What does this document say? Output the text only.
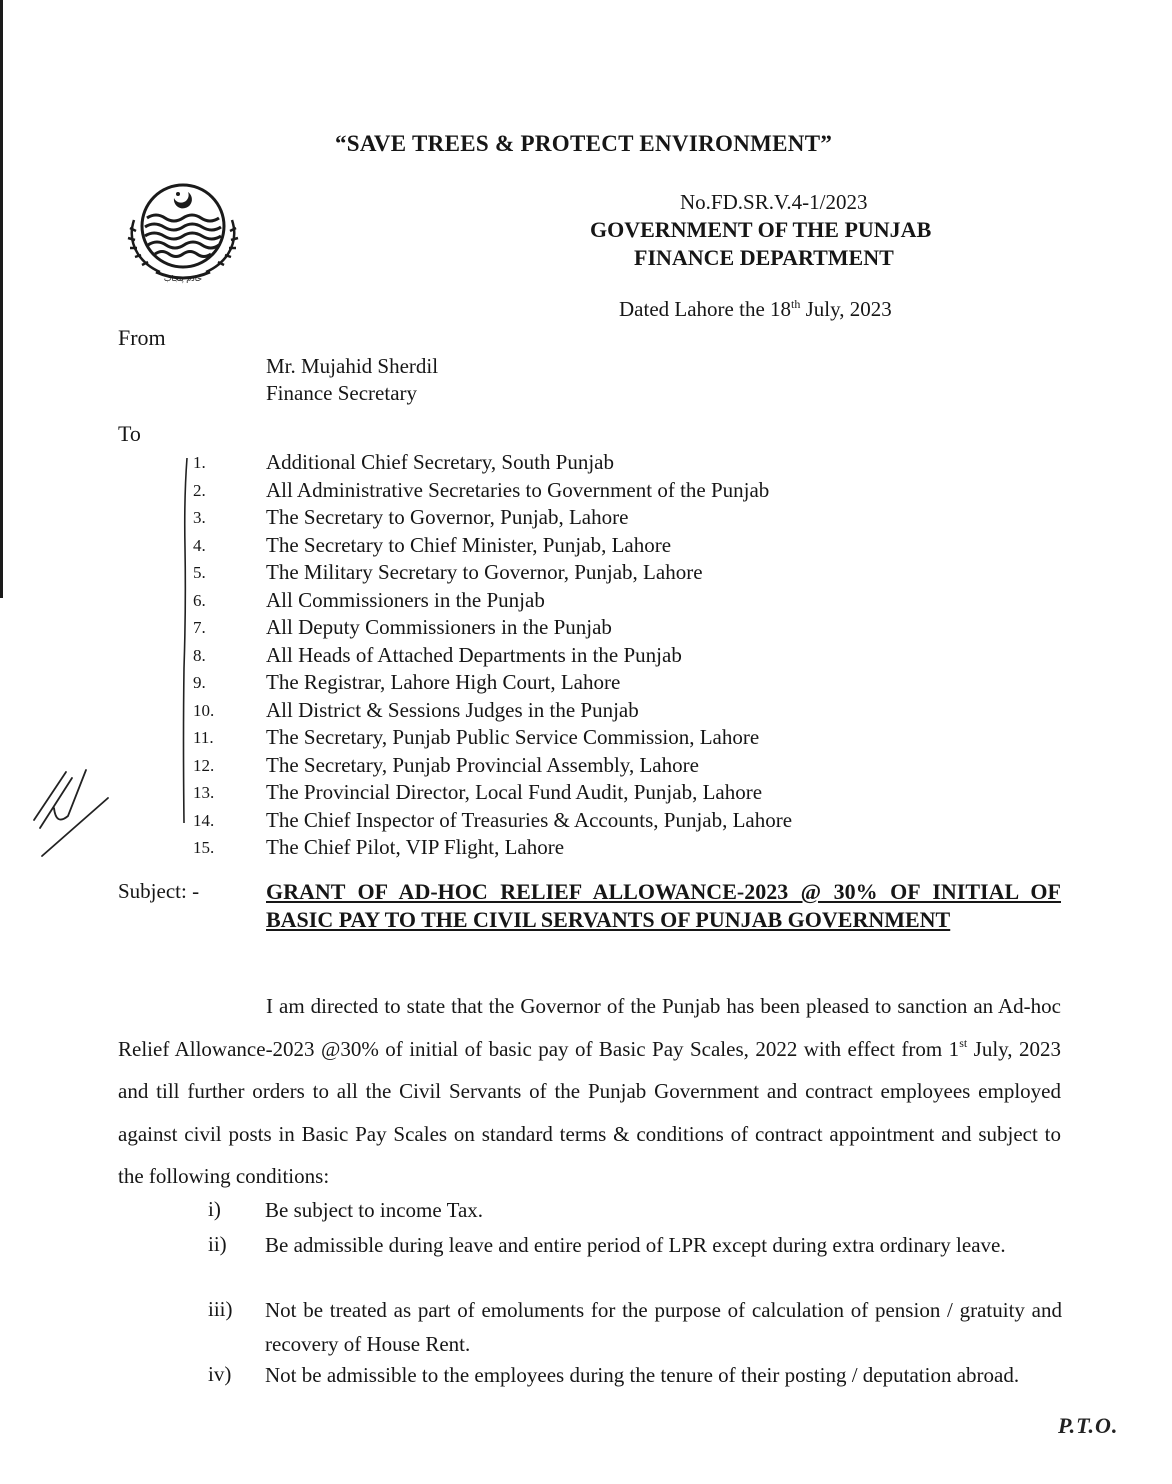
“SAVE TREES & PROTECT ENVIRONMENT”
خادم پنجاب
No.FD.SR.V.4-1/2023
GOVERNMENT OF THE PUNJAB
FINANCE DEPARTMENT
Dated Lahore the 18th July, 2023
From
Mr. Mujahid Sherdil
Finance Secretary
To
1.	Additional Chief Secretary, South Punjab
2.	All Administrative Secretaries to Government of the Punjab
3.	The Secretary to Governor, Punjab, Lahore
4.	The Secretary to Chief Minister, Punjab, Lahore
5.	The Military Secretary to Governor, Punjab, Lahore
6.	All Commissioners in the Punjab
7.	All Deputy Commissioners in the Punjab
8.	All Heads of Attached Departments in the Punjab
9.	The Registrar, Lahore High Court, Lahore
10. All District & Sessions Judges in the Punjab
11. The Secretary, Punjab Public Service Commission, Lahore
12. The Secretary, Punjab Provincial Assembly, Lahore
13. The Provincial Director, Local Fund Audit, Punjab, Lahore
14. The Chief Inspector of Treasuries & Accounts, Punjab, Lahore
15. The Chief Pilot, VIP Flight, Lahore
Subject: -	GRANT OF AD-HOC RELIEF ALLOWANCE-2023 @ 30% OF INITIAL OF BASIC PAY TO THE CIVIL SERVANTS OF PUNJAB GOVERNMENT
I am directed to state that the Governor of the Punjab has been pleased to sanction an Ad-hoc Relief Allowance-2023 @30% of initial of basic pay of Basic Pay Scales, 2022 with effect from 1st July, 2023 and till further orders to all the Civil Servants of the Punjab Government and contract employees employed against civil posts in Basic Pay Scales on standard terms & conditions of contract appointment and subject to the following conditions:
i) Be subject to income Tax.
ii) Be admissible during leave and entire period of LPR except during extra ordinary leave.
iii) Not be treated as part of emoluments for the purpose of calculation of pension / gratuity and recovery of House Rent.
iv) Not be admissible to the employees during the tenure of their posting / deputation abroad.
P.T.O.
